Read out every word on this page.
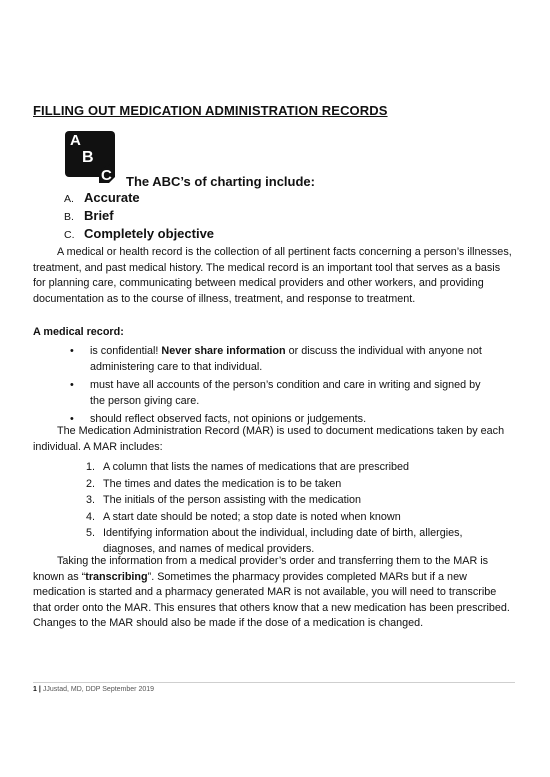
FILLING OUT MEDICATION ADMINISTRATION RECORDS
A
B
C The ABC’s of charting include:
A. Accurate
B. Brief
C. Completely objective

A medical or health record is the collection of all pertinent facts concerning a person’s illnesses, treatment, and past medical history. The medical record is an important tool that serves as a basis for planning care, communicating between medical providers and other workers, and providing documentation as to the course of illness, treatment, and response to treatment.

A medical record:

• is confidential! Never share information or discuss the individual with anyone not administering care to that individual.
• must have all accounts of the person’s condition and care in writing and signed by the person giving care.
• should reflect observed facts, not opinions or judgements.

The Medication Administration Record (MAR) is used to document medications taken by each individual. A MAR includes:

1. A column that lists the names of medications that are prescribed
2. The times and dates the medication is to be taken
3. The initials of the person assisting with the medication
4. A start date should be noted; a stop date is noted when known
5. Identifying information about the individual, including date of birth, allergies, diagnoses, and names of medical providers.

Taking the information from a medical provider’s order and transferring them to the MAR is known as “transcribing”. Sometimes the pharmacy provides completed MARs but if a new medication is started and a pharmacy generated MAR is not available, you will need to transcribe that order onto the MAR. This ensures that others know that a new medication has been prescribed. Changes to the MAR should also be made if the dose of a medication is changed.

1 | JJustad, MD, DDP September 2019
